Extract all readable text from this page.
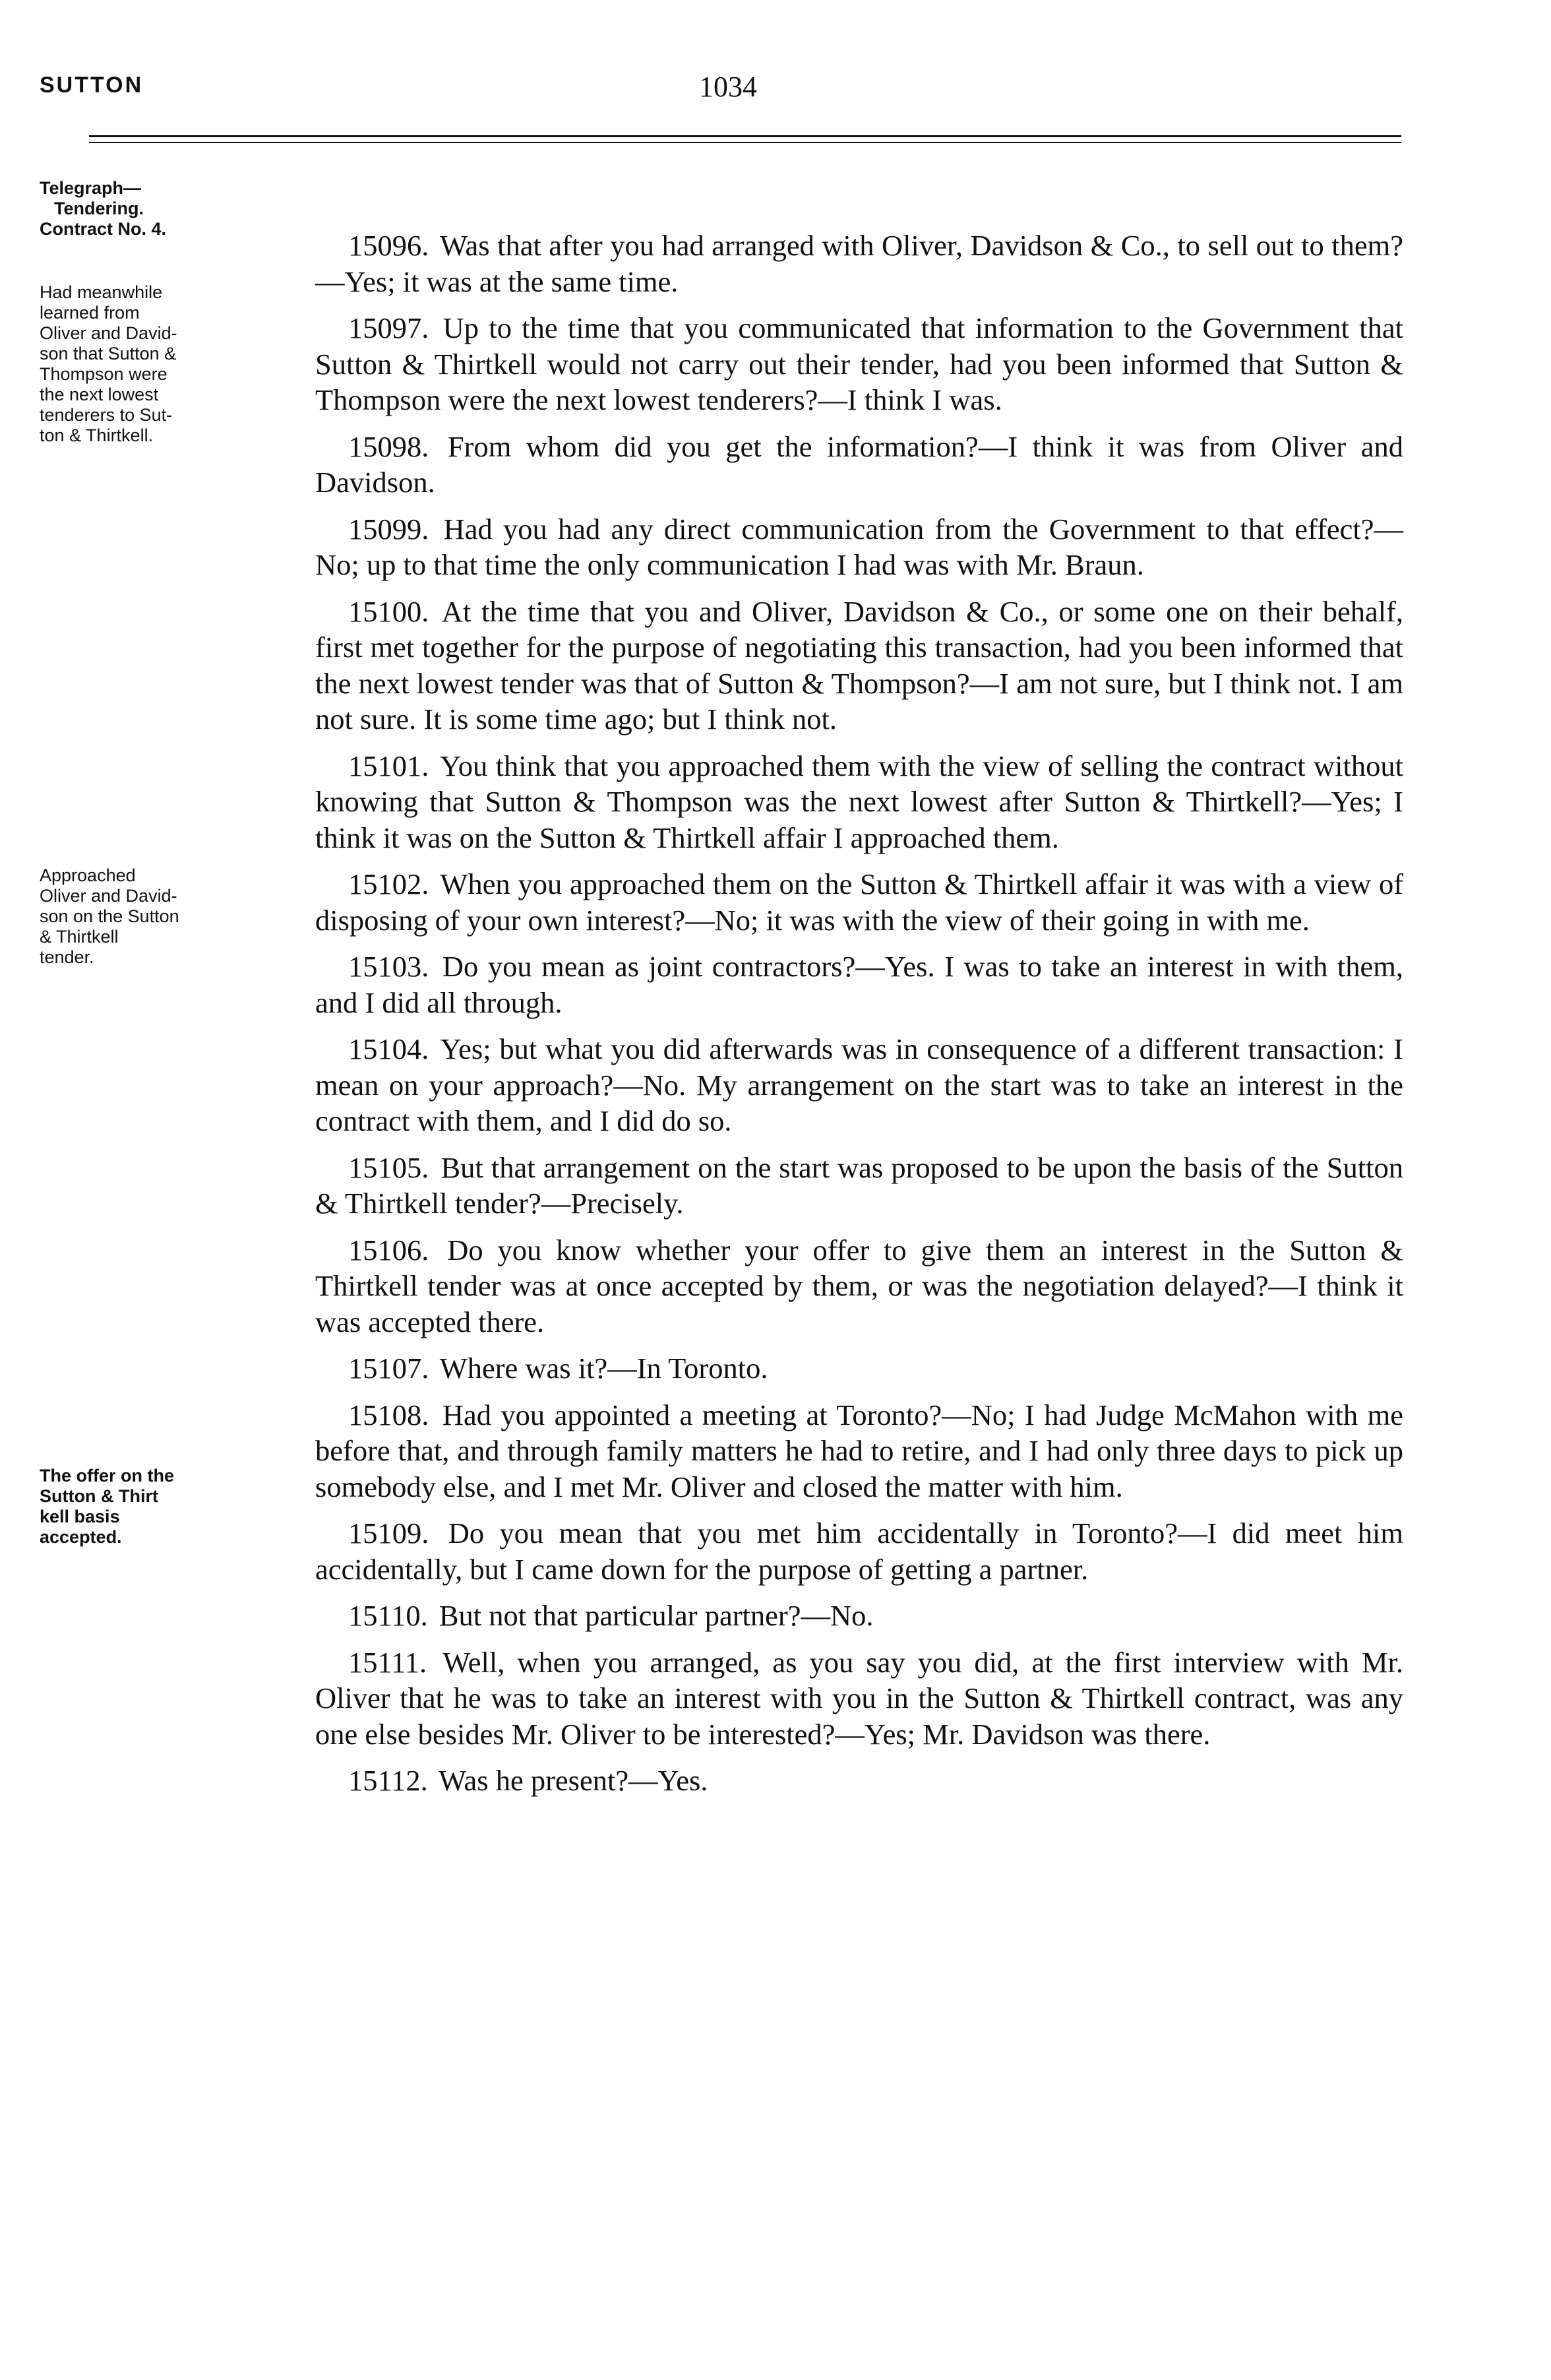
SUTTON	1034
Telegraph—
Tendering.
Contract No. 4.
Had meanwhile
learned from
Oliver and David-
son that Sutton &
Thompson were
the next lowest
tenderers to Sut-
ton & Thirtkell.
Approached
Oliver and David-
son on the Sutton
& Thirtkell
tender.
The offer on the
Sutton & Thirt
kell basis
accepted.

15096. Was that after you had arranged with Oliver, Davidson & Co., to sell out to them?—Yes; it was at the same time.

15097. Up to the time that you communicated that information to the Government that Sutton & Thirtkell would not carry out their tender, had you been informed that Sutton & Thompson were the next lowest tenderers?—I think I was.

15098. From whom did you get the information?—I think it was from Oliver and Davidson.

15099. Had you had any direct communication from the Government to that effect?—No; up to that time the only communication I had was with Mr. Braun.

15100. At the time that you and Oliver, Davidson & Co., or some one on their behalf, first met together for the purpose of negotiating this transaction, had you been informed that the next lowest tender was that of Sutton & Thompson?—I am not sure, but I think not. I am not sure. It is some time ago; but I think not.

15101. You think that you approached them with the view of selling the contract without knowing that Sutton & Thompson was the next lowest after Sutton & Thirtkell?—Yes; I think it was on the Sutton & Thirtkell affair I approached them.

15102. When you approached them on the Sutton & Thirtkell affair it was with a view of disposing of your own interest?—No; it was with the view of their going in with me.

15103. Do you mean as joint contractors?—Yes. I was to take an interest in with them, and I did all through.

15104. Yes; but what you did afterwards was in consequence of a different transaction: I mean on your approach?—No. My arrangement on the start was to take an interest in the contract with them, and I did do so.

15105. But that arrangement on the start was proposed to be upon the basis of the Sutton & Thirtkell tender?—Precisely.

15106. Do you know whether your offer to give them an interest in the Sutton & Thirtkell tender was at once accepted by them, or was the negotiation delayed?—I think it was accepted there.

15107. Where was it?—In Toronto.

15108. Had you appointed a meeting at Toronto?—No; I had Judge McMahon with me before that, and through family matters he had to retire, and I had only three days to pick up somebody else, and I met Mr. Oliver and closed the matter with him.

15109. Do you mean that you met him accidentally in Toronto?—I did meet him accidentally, but I came down for the purpose of getting a partner.

15110. But not that particular partner?—No.

15111. Well, when you arranged, as you say you did, at the first interview with Mr. Oliver that he was to take an interest with you in the Sutton & Thirtkell contract, was any one else besides Mr. Oliver to be interested?—Yes; Mr. Davidson was there.

15112. Was he present?—Yes.
